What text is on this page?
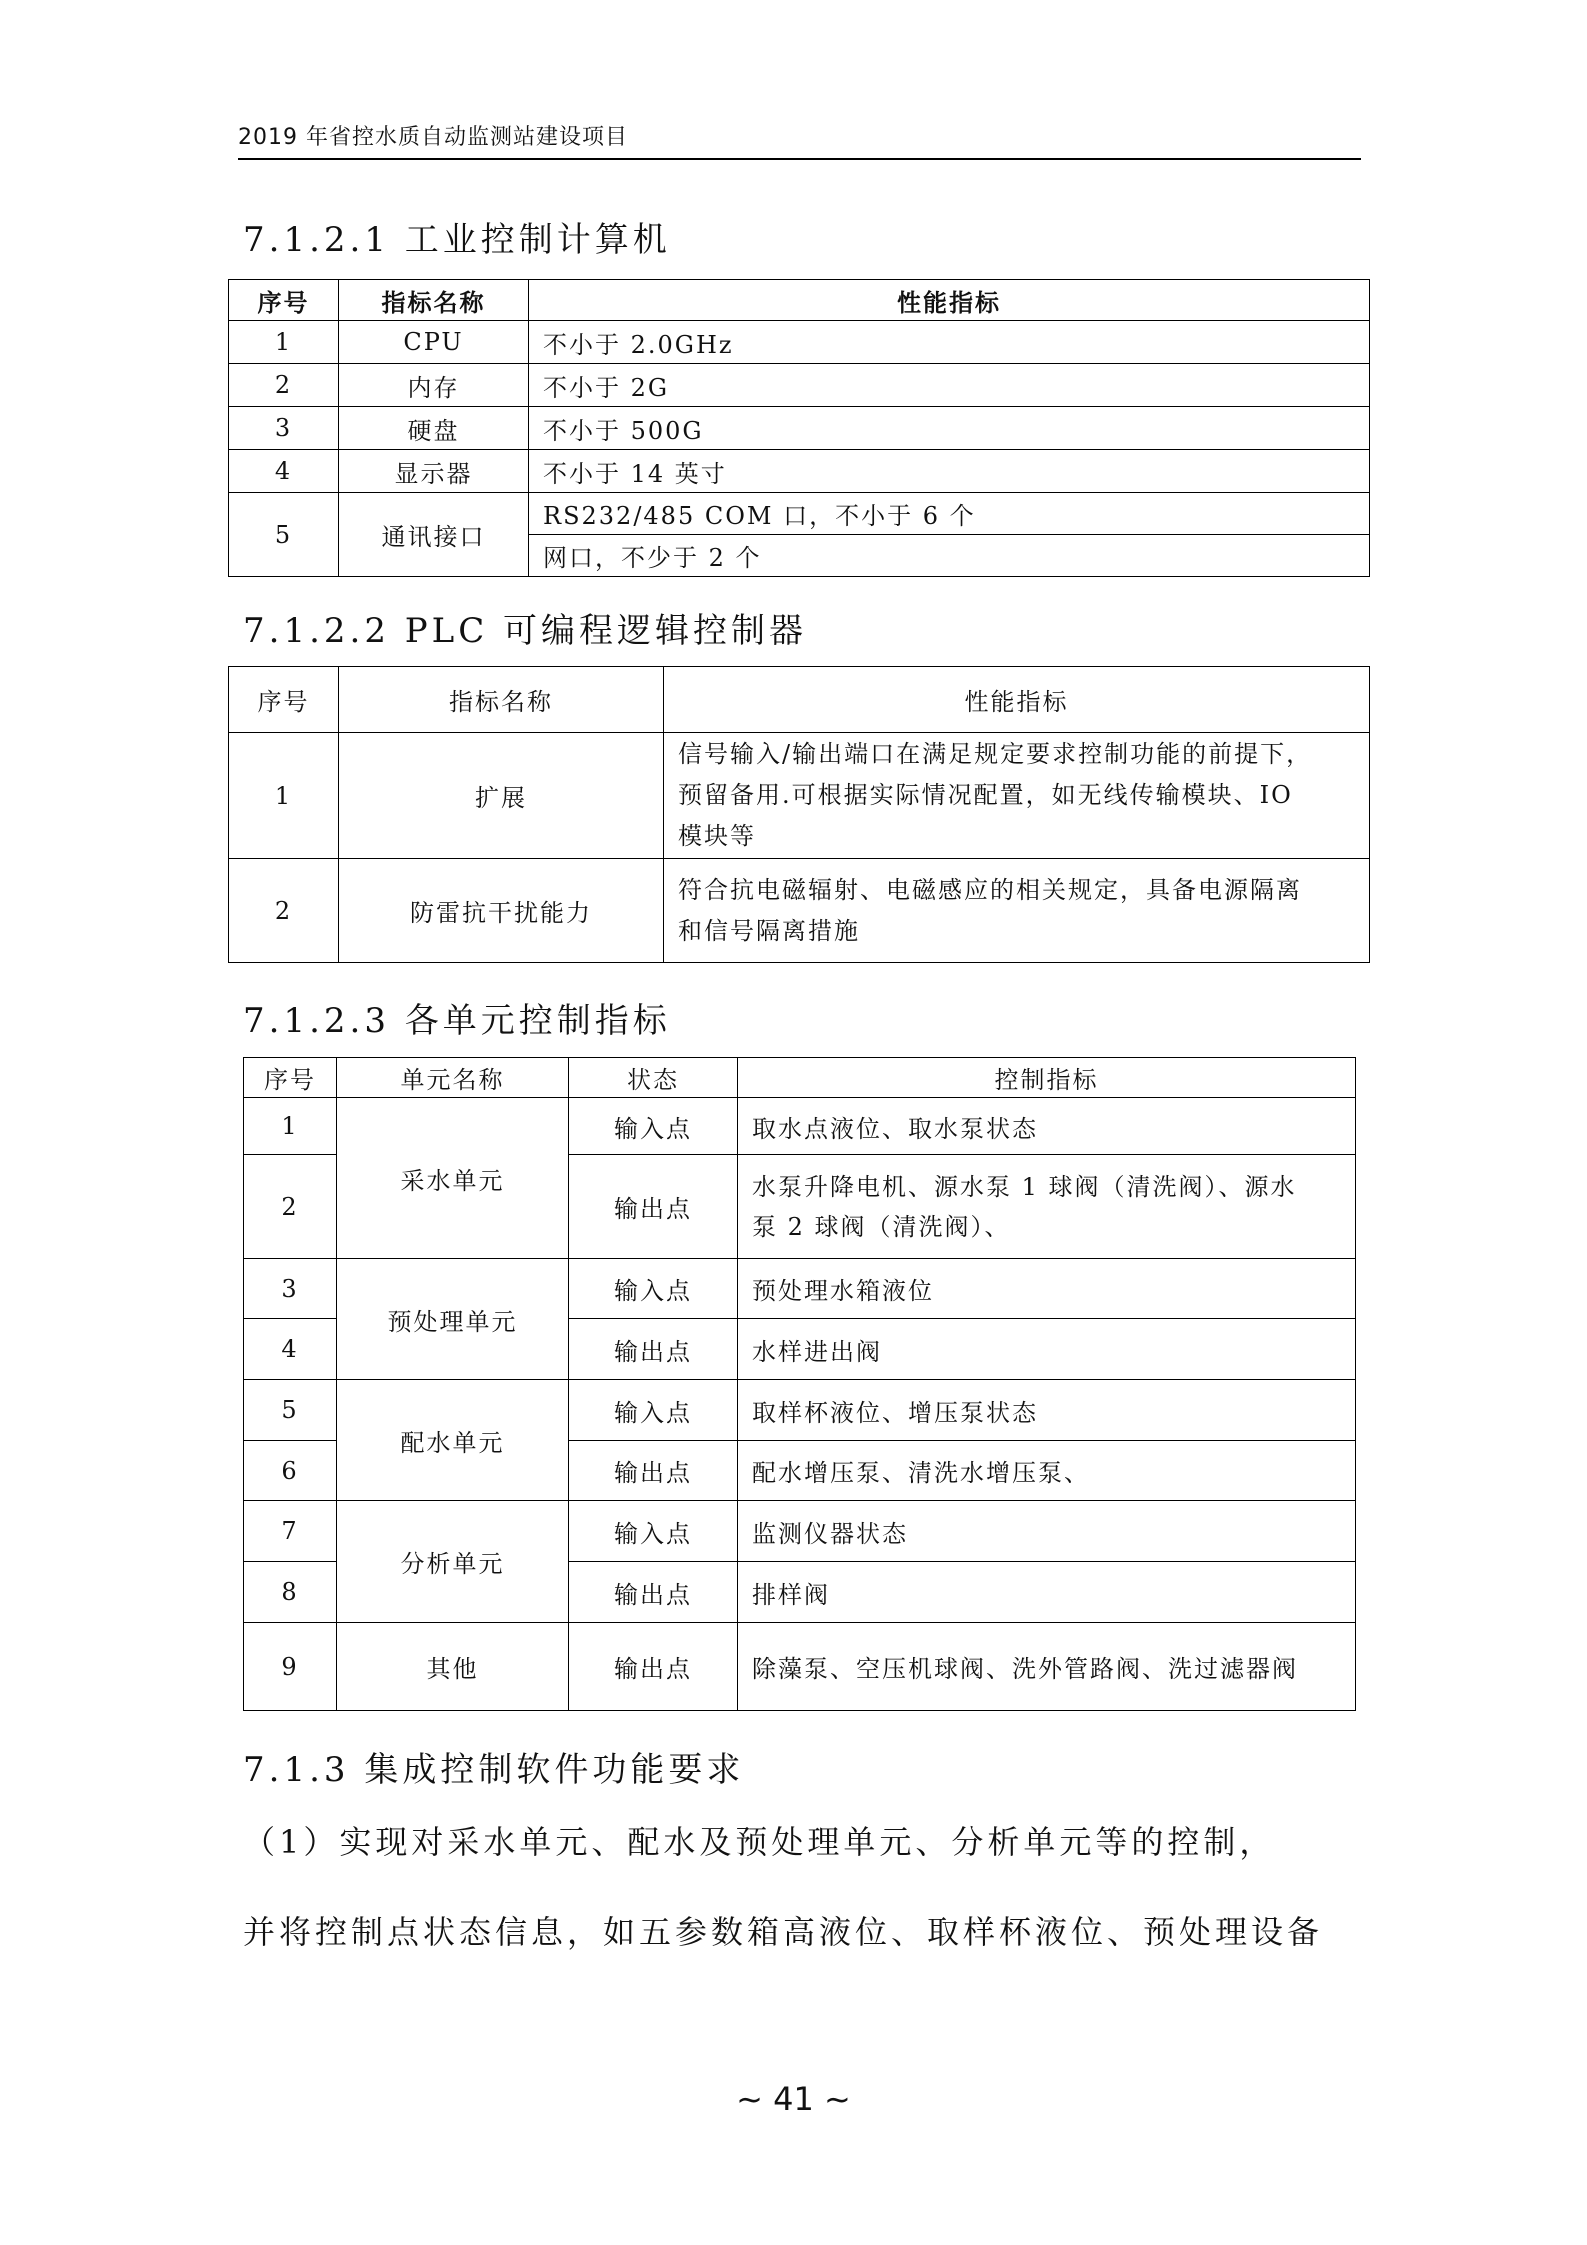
2019 年省控水质自动监测站建设项目
7.1.2.1 工业控制计算机
序号	指标名称	性能指标
1	CPU	不小于 2.0GHz
2	内存	不小于 2G
3	硬盘	不小于 500G
4	显示器	不小于 14 英寸
5	通讯接口	RS232/485 COM 口，不小于 6 个
		网口，不少于 2 个
7.1.2.2 PLC 可编程逻辑控制器
序号	指标名称	性能指标
1	扩展	信号输入/输出端口在满足规定要求控制功能的前提下，
预留备用.可根据实际情况配置，如无线传输模块、IO
模块等

2	防雷抗干扰能力	符合抗电磁辐射、电磁感应的相关规定，具备电源隔离
和信号隔离措施
7.1.2.3 各单元控制指标
序号	单元名称	状态	控制指标
1	采水单元	输入点	取水点液位、取水泵状态
2		输出点	水泵升降电机、源水泵 1 球阀（清洗阀）、源水
泵 2 球阀（清洗阀）、

3	预处理单元	输入点	预处理水箱液位
4		输出点	水样进出阀
5	配水单元	输入点	取样杯液位、增压泵状态
6		输出点	配水增压泵、清洗水增压泵、
7	分析单元	输入点	监测仪器状态
8		输出点	排样阀
9	其他	输出点	除藻泵、空压机球阀、洗外管路阀、洗过滤器阀
7.1.3 集成控制软件功能要求
（1）实现对采水单元、配水及预处理单元、分析单元等的控制，
并将控制点状态信息，如五参数箱高液位、取样杯液位、预处理设备
~ 41 ~
